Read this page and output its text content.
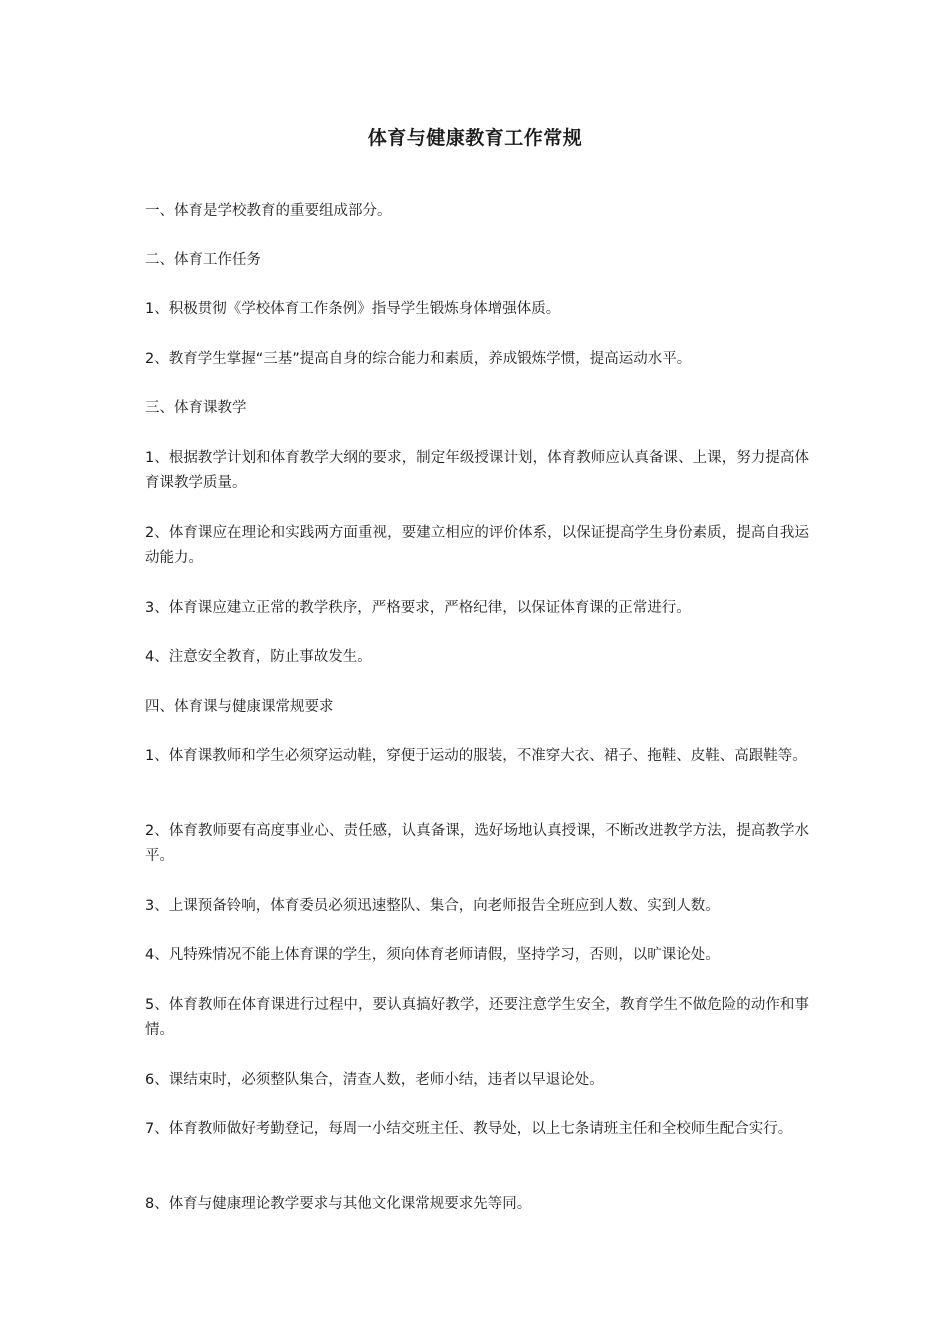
体育与健康教育工作常规

一、体育是学校教育的重要组成部分。

二、体育工作任务

1、积极贯彻《学校体育工作条例》指导学生锻炼身体增强体质。

2、教育学生掌握“三基”提高自身的综合能力和素质，养成锻炼学惯，提高运动水平。

三、体育课教学

1、根据教学计划和体育教学大纲的要求，制定年级授课计划，体育教师应认真备课、上课，努力提高体育课教学质量。

2、体育课应在理论和实践两方面重视，要建立相应的评价体系，以保证提高学生身份素质，提高自我运动能力。

3、体育课应建立正常的教学秩序，严格要求，严格纪律，以保证体育课的正常进行。

4、注意安全教育，防止事故发生。

四、体育课与健康课常规要求

1、体育课教师和学生必须穿运动鞋，穿便于运动的服装，不准穿大衣、裙子、拖鞋、皮鞋、高跟鞋等。

2、体育教师要有高度事业心、责任感，认真备课，选好场地认真授课，不断改进教学方法，提高教学水平。

3、上课预备铃响，体育委员必须迅速整队、集合，向老师报告全班应到人数、实到人数。

4、凡特殊情况不能上体育课的学生，须向体育老师请假，坚持学习，否则，以旷课论处。

5、体育教师在体育课进行过程中，要认真搞好教学，还要注意学生安全，教育学生不做危险的动作和事情。

6、课结束时，必须整队集合，清查人数，老师小结，违者以早退论处。

7、体育教师做好考勤登记，每周一小结交班主任、教导处，以上七条请班主任和全校师生配合实行。

8、体育与健康理论教学要求与其他文化课常规要求先等同。
